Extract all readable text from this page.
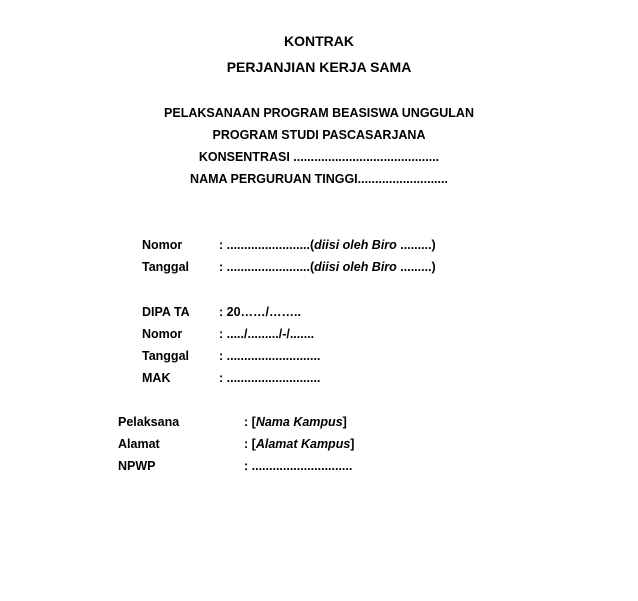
KONTRAK
PERJANJIAN KERJA SAMA
PELAKSANAAN PROGRAM BEASISWA UNGGULAN
PROGRAM STUDI PASCASARJANA
KONSENTRASI ..........................................
NAMA PERGURUAN TINGGI..........................
Nomor	: ........................(diisi oleh Biro .........)
Tanggal : ........................(diisi oleh Biro .........)
DIPA TA : 20……/……..
Nomor	: ...../........./-/.......
Tanggal : ...........................
MAK	: ...........................
Pelaksana	: [Nama Kampus]
Alamat	: [Alamat Kampus]
NPWP	: .............................
